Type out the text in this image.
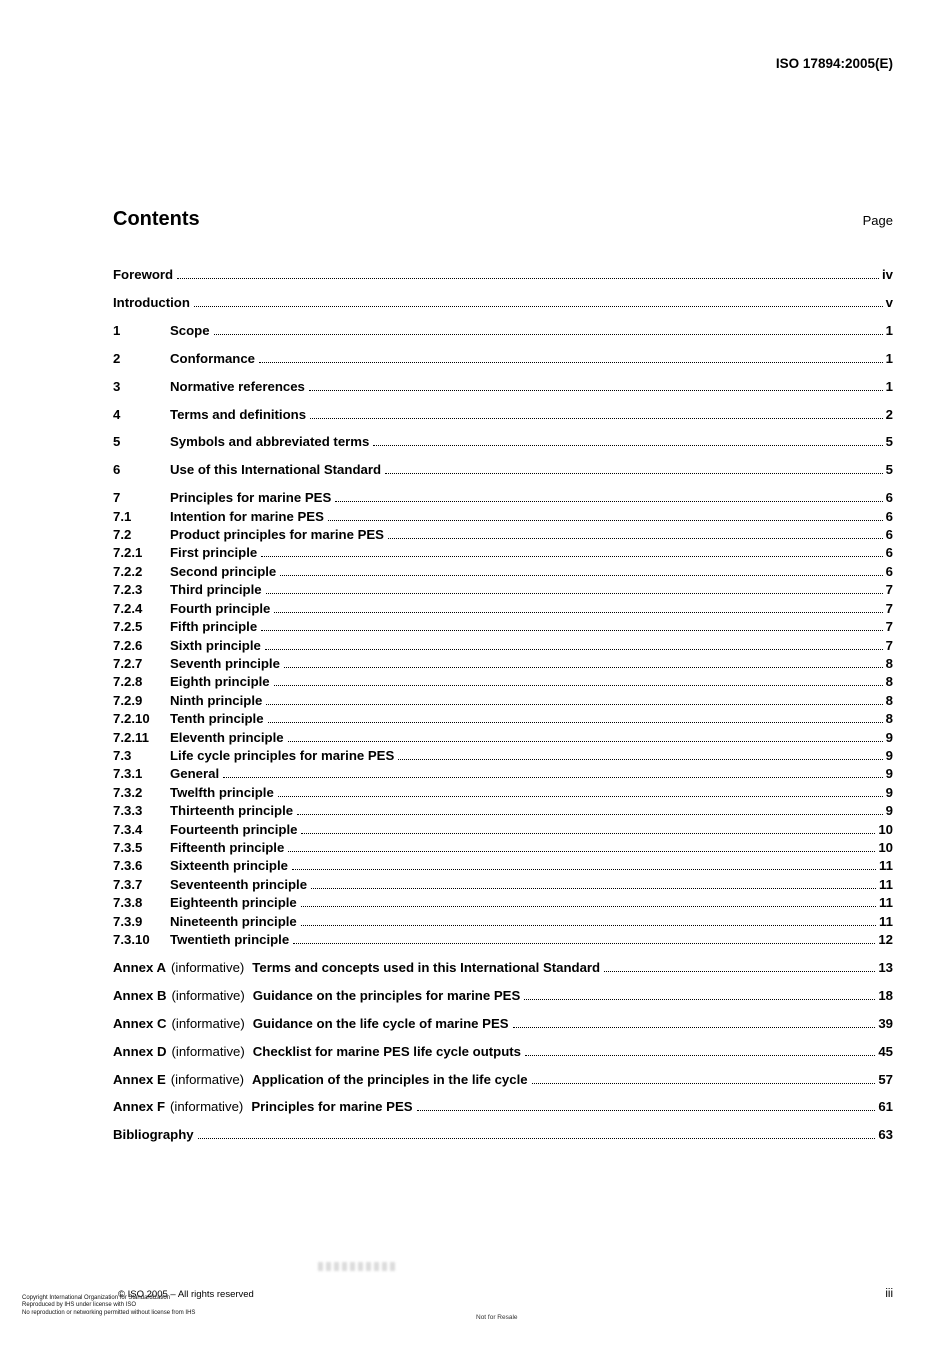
ISO 17894:2005(E)
Contents	Page
Foreword	iv
Introduction	v
1	Scope	1
2	Conformance	1
3	Normative references	1
4	Terms and definitions	2
5	Symbols and abbreviated terms	5
6	Use of this International Standard	5
7	Principles for marine PES	6
7.1	Intention for marine PES	6
7.2	Product principles for marine PES	6
7.2.1	First principle	6
7.2.2	Second principle	6
7.2.3	Third principle	7
7.2.4	Fourth principle	7
7.2.5	Fifth principle	7
7.2.6	Sixth principle	7
7.2.7	Seventh principle	8
7.2.8	Eighth principle	8
7.2.9	Ninth principle	8
7.2.10	Tenth principle	8
7.2.11	Eleventh principle	9
7.3	Life cycle principles for marine PES	9
7.3.1	General	9
7.3.2	Twelfth principle	9
7.3.3	Thirteenth principle	9
7.3.4	Fourteenth principle	10
7.3.5	Fifteenth principle	10
7.3.6	Sixteenth principle	11
7.3.7	Seventeenth principle	11
7.3.8	Eighteenth principle	11
7.3.9	Nineteenth principle	11
7.3.10	Twentieth principle	12
Annex A (informative) Terms and concepts used in this International Standard	13
Annex B (informative) Guidance on the principles for marine PES	18
Annex C (informative) Guidance on the life cycle of marine PES	39
Annex D (informative) Checklist for marine PES life cycle outputs	45
Annex E (informative) Application of the principles in the life cycle	57
Annex F (informative) Principles for marine PES	61
Bibliography	63
© ISO 2005 – All rights reserved
Copyright International Organization for Standardization
Reproduced by IHS under license with ISO
No reproduction or networking permitted without license from IHS
Not for Resale
iii
